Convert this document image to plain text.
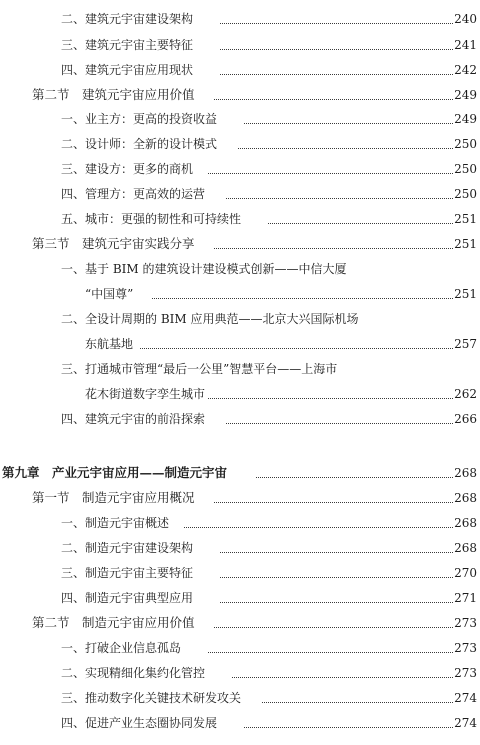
二、建筑元宇宙建设架构	240
三、建筑元宇宙主要特征	241
四、建筑元宇宙应用现状	242
第二节　建筑元宇宙应用价值	249
一、业主方：更高的投资收益	249
二、设计师：全新的设计模式	250
三、建设方：更多的商机	250
四、管理方：更高效的运营	250
五、城市：更强的韧性和可持续性	251
第三节　建筑元宇宙实践分享	251
一、基于 BIM 的建筑设计建设模式创新——中信大厦
“中国尊”	251
二、全设计周期的 BIM 应用典范——北京大兴国际机场
东航基地	257
三、打通城市管理“最后一公里”智慧平台——上海市
花木街道数字孪生城市	262
四、建筑元宇宙的前沿探索	266
第九章　产业元宇宙应用——制造元宇宙	268
第一节　制造元宇宙应用概况	268
一、制造元宇宙概述	268
二、制造元宇宙建设架构	268
三、制造元宇宙主要特征	270
四、制造元宇宙典型应用	271
第二节　制造元宇宙应用价值	273
一、打破企业信息孤岛	273
二、实现精细化集约化管控	273
三、推动数字化关键技术研发攻关	274
四、促进产业生态圈协同发展	274
